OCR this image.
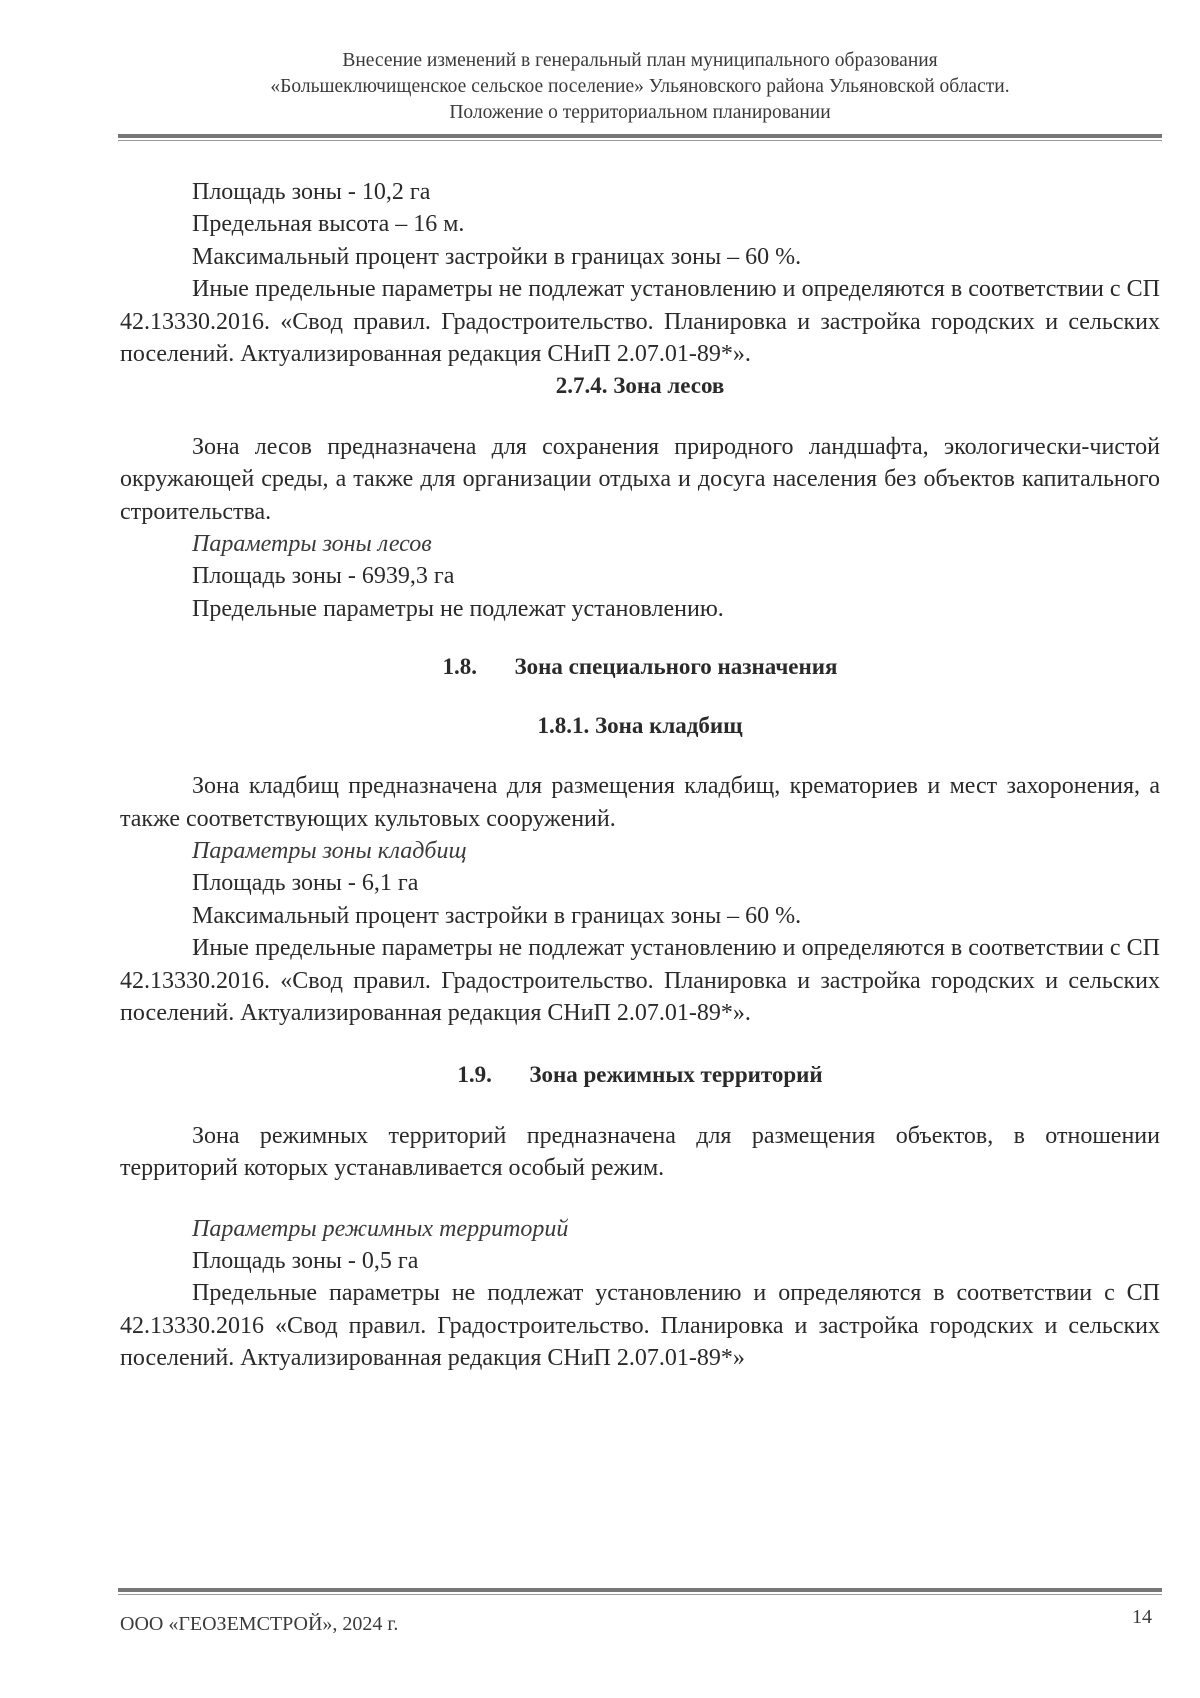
Внесение изменений в генеральный план муниципального образования
«Большеключищенское сельское поселение» Ульяновского района Ульяновской области.
Положение о территориальном планировании

Площадь зоны - 10,2 га

Предельная высота – 16 м.

Максимальный процент застройки в границах зоны – 60 %.

Иные предельные параметры не подлежат установлению и определяются в соответствии с СП 42.13330.2016. «Свод правил. Градостроительство. Планировка и застройка городских и сельских поселений. Актуализированная редакция СНиП 2.07.01-89*».

2.7.4. Зона лесов

Зона лесов предназначена для сохранения природного ландшафта, экологически-чистой окружающей среды, а также для организации отдыха и досуга населения без объектов капитального строительства.

Параметры зоны лесов

Площадь зоны - 6939,3 га

Предельные параметры не подлежат установлению.

1.8. Зона специального назначения

1.8.1. Зона кладбищ

Зона кладбищ предназначена для размещения кладбищ, крематориев и мест захоронения, а также соответствующих культовых сооружений.

Параметры зоны кладбищ

Площадь зоны - 6,1 га

Максимальный процент застройки в границах зоны – 60 %.

Иные предельные параметры не подлежат установлению и определяются в соответствии с СП 42.13330.2016. «Свод правил. Градостроительство. Планировка и застройка городских и сельских поселений. Актуализированная редакция СНиП 2.07.01-89*».

1.9. Зона режимных территорий

Зона режимных территорий предназначена для размещения объектов, в отношении территорий которых устанавливается особый режим.

Параметры режимных территорий

Площадь зоны - 0,5 га

Предельные параметры не подлежат установлению и определяются в соответствии с СП 42.13330.2016 «Свод правил. Градостроительство. Планировка и застройка городских и сельских поселений. Актуализированная редакция СНиП 2.07.01-89*»

ООО «ГЕОЗЕМСТРОЙ», 2024 г.	14
